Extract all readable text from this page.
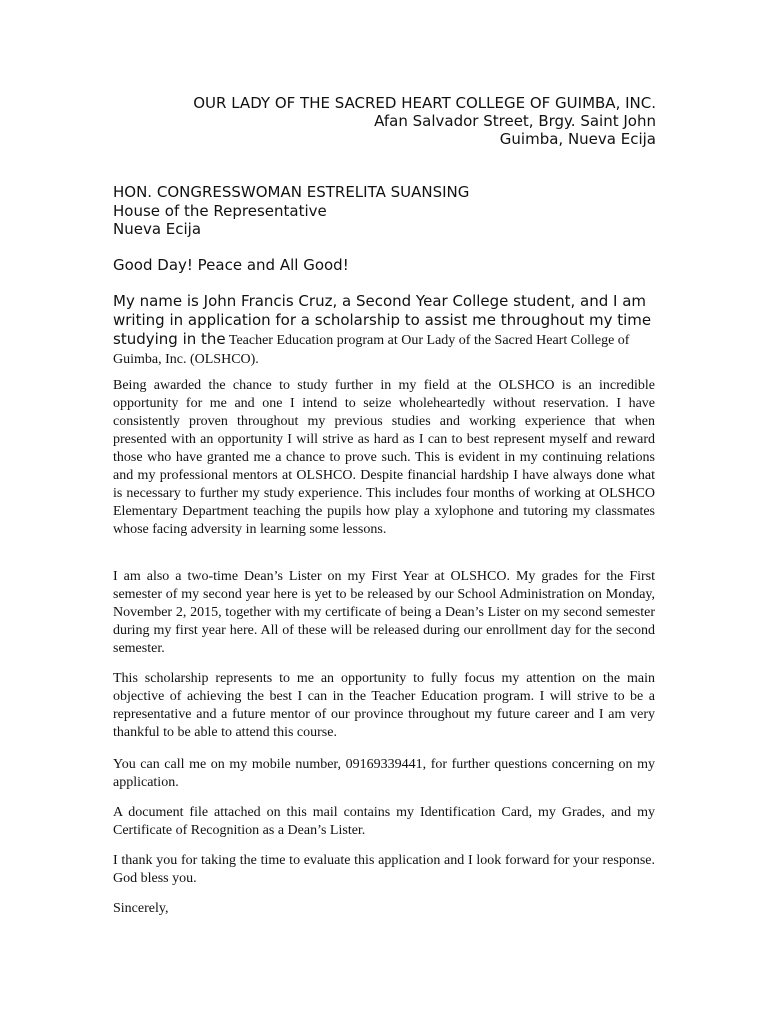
OUR LADY OF THE SACRED HEART COLLEGE OF GUIMBA, INC.
Afan Salvador Street, Brgy. Saint John
Guimba, Nueva Ecija
HON. CONGRESSWOMAN ESTRELITA SUANSING
House of the Representative
Nueva Ecija
Good Day! Peace and All Good!
My name is John Francis Cruz, a Second Year College student, and I am writing in application for a scholarship to assist me throughout my time studying in the Teacher Education program at Our Lady of the Sacred Heart College of Guimba, Inc. (OLSHCO).

Being awarded the chance to study further in my field at the OLSHCO is an incredible opportunity for me and one I intend to seize wholeheartedly without reservation. I have consistently proven throughout my previous studies and working experience that when presented with an opportunity I will strive as hard as I can to best represent myself and reward those who have granted me a chance to prove such. This is evident in my continuing relations and my professional mentors at OLSHCO. Despite financial hardship I have always done what is necessary to further my study experience. This includes four months of working at OLSHCO Elementary Department teaching the pupils how play a xylophone and tutoring my classmates whose facing adversity in learning some lessons.

I am also a two-time Dean’s Lister on my First Year at OLSHCO. My grades for the First semester of my second year here is yet to be released by our School Administration on Monday, November 2, 2015, together with my certificate of being a Dean’s Lister on my second semester during my first year here. All of these will be released during our enrollment day for the second semester.

This scholarship represents to me an opportunity to fully focus my attention on the main objective of achieving the best I can in the Teacher Education program. I will strive to be a representative and a future mentor of our province throughout my future career and I am very thankful to be able to attend this course.

You can call me on my mobile number, 09169339441, for further questions concerning on my application.

A document file attached on this mail contains my Identification Card, my Grades, and my Certificate of Recognition as a Dean’s Lister.

I thank you for taking the time to evaluate this application and I look forward for your response. God bless you.

Sincerely,
